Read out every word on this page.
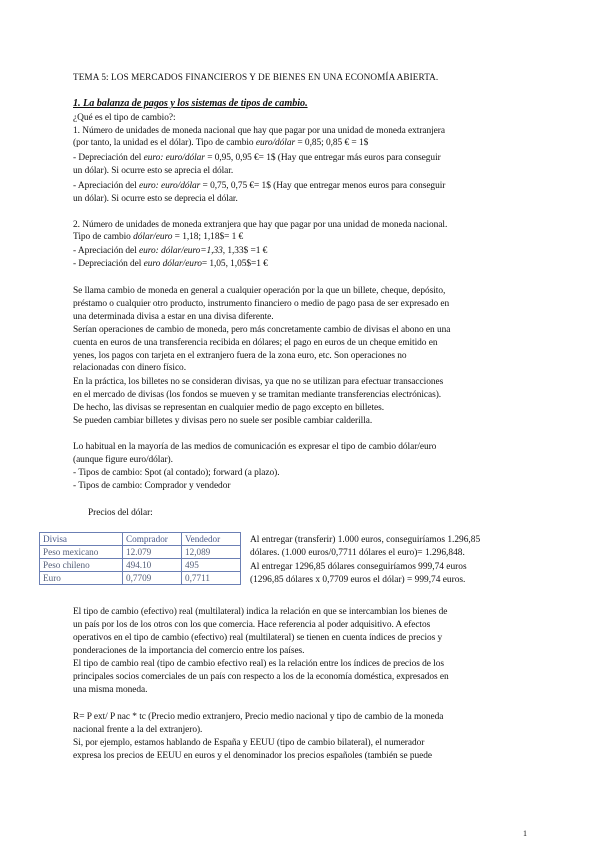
TEMA 5: LOS MERCADOS FINANCIEROS Y DE BIENES EN UNA ECONOMÍA ABIERTA.
1. La balanza de pagos y los sistemas de tipos de cambio.
¿Qué es el tipo de cambio?:
1. Número de unidades de moneda nacional que hay que pagar por una unidad de moneda extranjera
(por tanto, la unidad es el dólar). Tipo de cambio euro/dólar = 0,85; 0,85 € = 1$
- Depreciación del euro: euro/dólar = 0,95, 0,95 €= 1$ (Hay que entregar más euros para conseguir
un dólar). Si ocurre esto se aprecia el dólar.
- Apreciación del euro: euro/dólar = 0,75, 0,75 €= 1$ (Hay que entregar menos euros para conseguir
un dólar). Si ocurre esto se deprecia el dólar.
2. Número de unidades de moneda extranjera que hay que pagar por una unidad de moneda nacional.
Tipo de cambio dólar/euro = 1,18; 1,18$= 1 €
- Apreciación del euro: dólar/euro=1,33, 1,33$ =1 €
- Depreciación del euro dólar/euro= 1,05, 1,05$=1 €
Se llama cambio de moneda en general a cualquier operación por la que un billete, cheque, depósito,
préstamo o cualquier otro producto, instrumento financiero o medio de pago pasa de ser expresado en
una determinada divisa a estar en una divisa diferente.
Serían operaciones de cambio de moneda, pero más concretamente cambio de divisas el abono en una
cuenta en euros de una transferencia recibida en dólares; el pago en euros de un cheque emitido en
yenes, los pagos con tarjeta en el extranjero fuera de la zona euro, etc. Son operaciones no
relacionadas con dinero físico.
En la práctica, los billetes no se consideran divisas, ya que no se utilizan para efectuar transacciones
en el mercado de divisas (los fondos se mueven y se tramitan mediante transferencias electrónicas).
De hecho, las divisas se representan en cualquier medio de pago excepto en billetes.
Se pueden cambiar billetes y divisas pero no suele ser posible cambiar calderilla.
Lo habitual en la mayoría de las medios de comunicación es expresar el tipo de cambio dólar/euro
(aunque figure euro/dólar).
- Tipos de cambio: Spot (al contado); forward (a plazo).
- Tipos de cambio: Comprador y vendedor
Precios del dólar:
Divisa	Comprador	Vendedor
Peso mexicano	12.079	12,089
Peso chileno	494.10	495
Euro	0,7709	0,7711
Al entregar (transferir) 1.000 euros, conseguiríamos 1.296,85
dólares. (1.000 euros/0,7711 dólares el euro)= 1.296,848.
Al entregar 1296,85 dólares conseguiríamos 999,74 euros
(1296,85 dólares x 0,7709 euros el dólar) = 999,74 euros.
El tipo de cambio (efectivo) real (multilateral) indica la relación en que se intercambian los bienes de
un país por los de los otros con los que comercia. Hace referencia al poder adquisitivo. A efectos
operativos en el tipo de cambio (efectivo) real (multilateral) se tienen en cuenta índices de precios y
ponderaciones de la importancia del comercio entre los países.
El tipo de cambio real (tipo de cambio efectivo real) es la relación entre los índices de precios de los
principales socios comerciales de un país con respecto a los de la economía doméstica, expresados en
una misma moneda.
R= P ext/ P nac * tc (Precio medio extranjero, Precio medio nacional y tipo de cambio de la moneda
nacional frente a la del extranjero).
Si, por ejemplo, estamos hablando de España y EEUU (tipo de cambio bilateral), el numerador
expresa los precios de EEUU en euros y el denominador los precios españoles (también se puede
1
